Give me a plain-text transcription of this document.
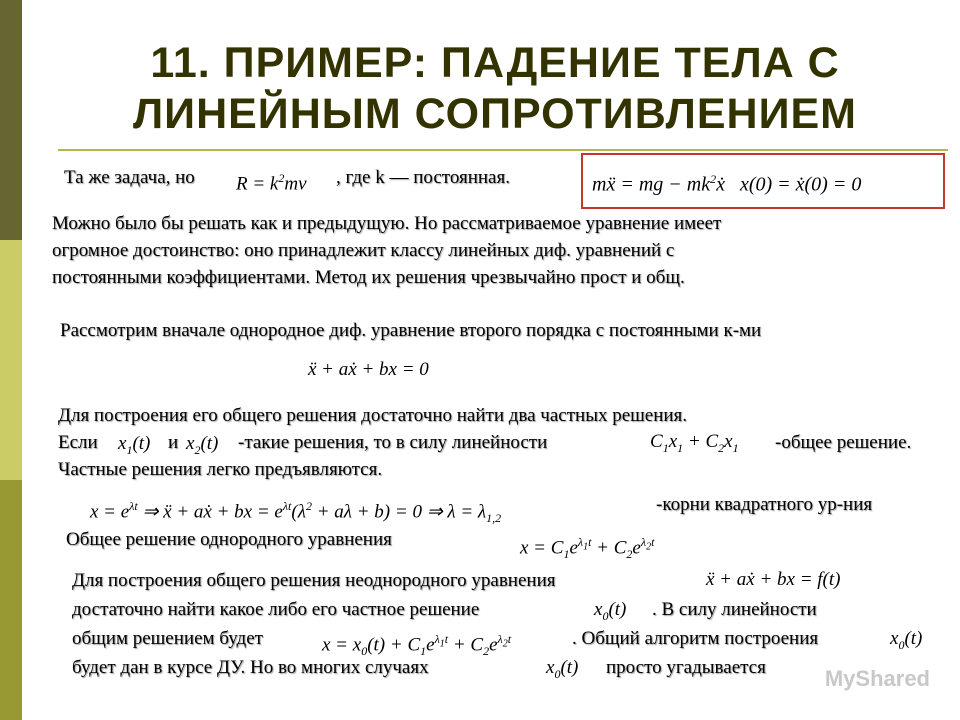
11. ПРИМЕР: ПАДЕНИЕ ТЕЛА С
ЛИНЕЙНЫМ СОПРОТИВЛЕНИЕМ
Та же задача, но $R = k^2mv$ , где k — постоянная.	mẍ = mg − $mk^2ẋ$   x(0) = ẋ(0) = 0
Можно было бы решать как и предыдущую. Но рассматриваемое уравнение имеет
огромное достоинство: оно принадлежит классу линейных диф. уравнений с
постоянными коэффициентами. Метод их решения чрезвычайно прост и общ.
Рассмотрим вначале однородное диф. уравнение второго порядка с постоянными к-ми
ẍ + aẋ + bx = 0
Для построения его общего решения достаточно найти два частных решения.
Если $x_1(t)$ и $x_2(t)$ -такие решения, то в силу линейности	$C_1x_1 + C_2x_1$ -общее решение.
Частные решения легко предъявляются.
$x = e^{\lambda t}$ ⇒ ẍ + aẋ + bx = $e^{\lambda t}(\lambda^2 + a\lambda + b) = 0$ ⇒ $\lambda = \lambda_{1,2}$
-корни квадратного ур-ния
Общее решение однородного уравнения	$x = C_1e^{\lambda_1t} + C_2e^{\lambda_2t}$
Для построения общего решения неоднородного уравнения	ẍ + aẋ + bx = f(t)
достаточно найти какое либо его частное решение	$x_0(t)$ . В силу линейности
общим решением будет	$x = x_0(t) + C_1e^{\lambda_1t} + C_2e^{\lambda_2t}$	. Общий алгоритм построения	$x_0(t)$
будет дан в курсе ДУ. Но во многих случаях	$x_0(t)$ просто угадывается	MyShared
